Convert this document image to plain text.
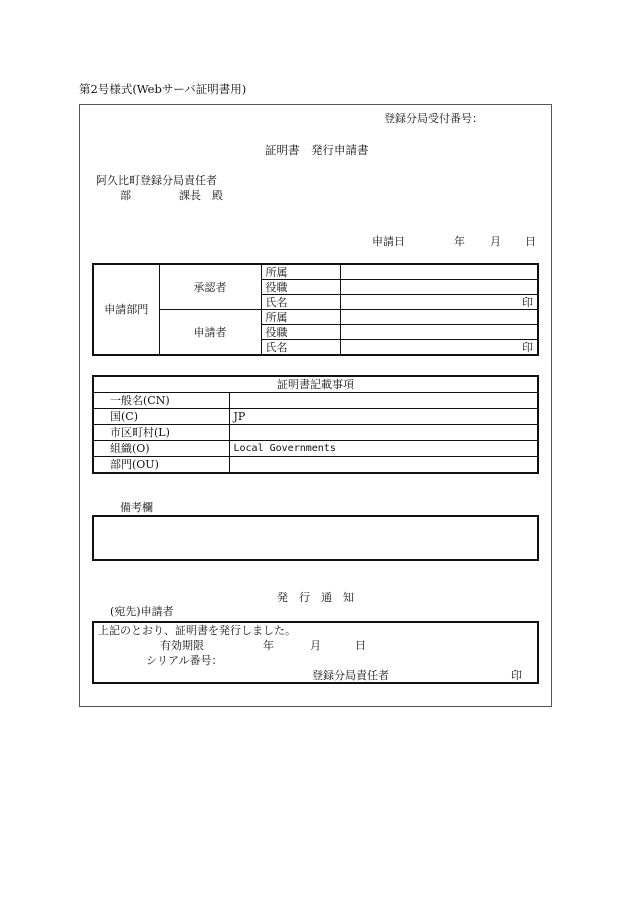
第2号様式(Webサーバ証明書用)
登録分局受付番号：
証明書　発行申請書
阿久比町登録分局責任者
部	課長　殿
申請日	年 月 日
申請部門	承認者	所属	
		役職	
		氏名	印
	申請者	所属	
		役職	
		氏名	印
証明書記載事項	
一般名(CN)	
国(C)	JP
市区町村(L)	
組織(O)	Local Governments
部門(OU)	
備考欄
発　行　通　知
(宛先)申請者
上記のとおり、証明書を発行しました。
有効期限	年	月	日
シリアル番号：
登録分局責任者	印
